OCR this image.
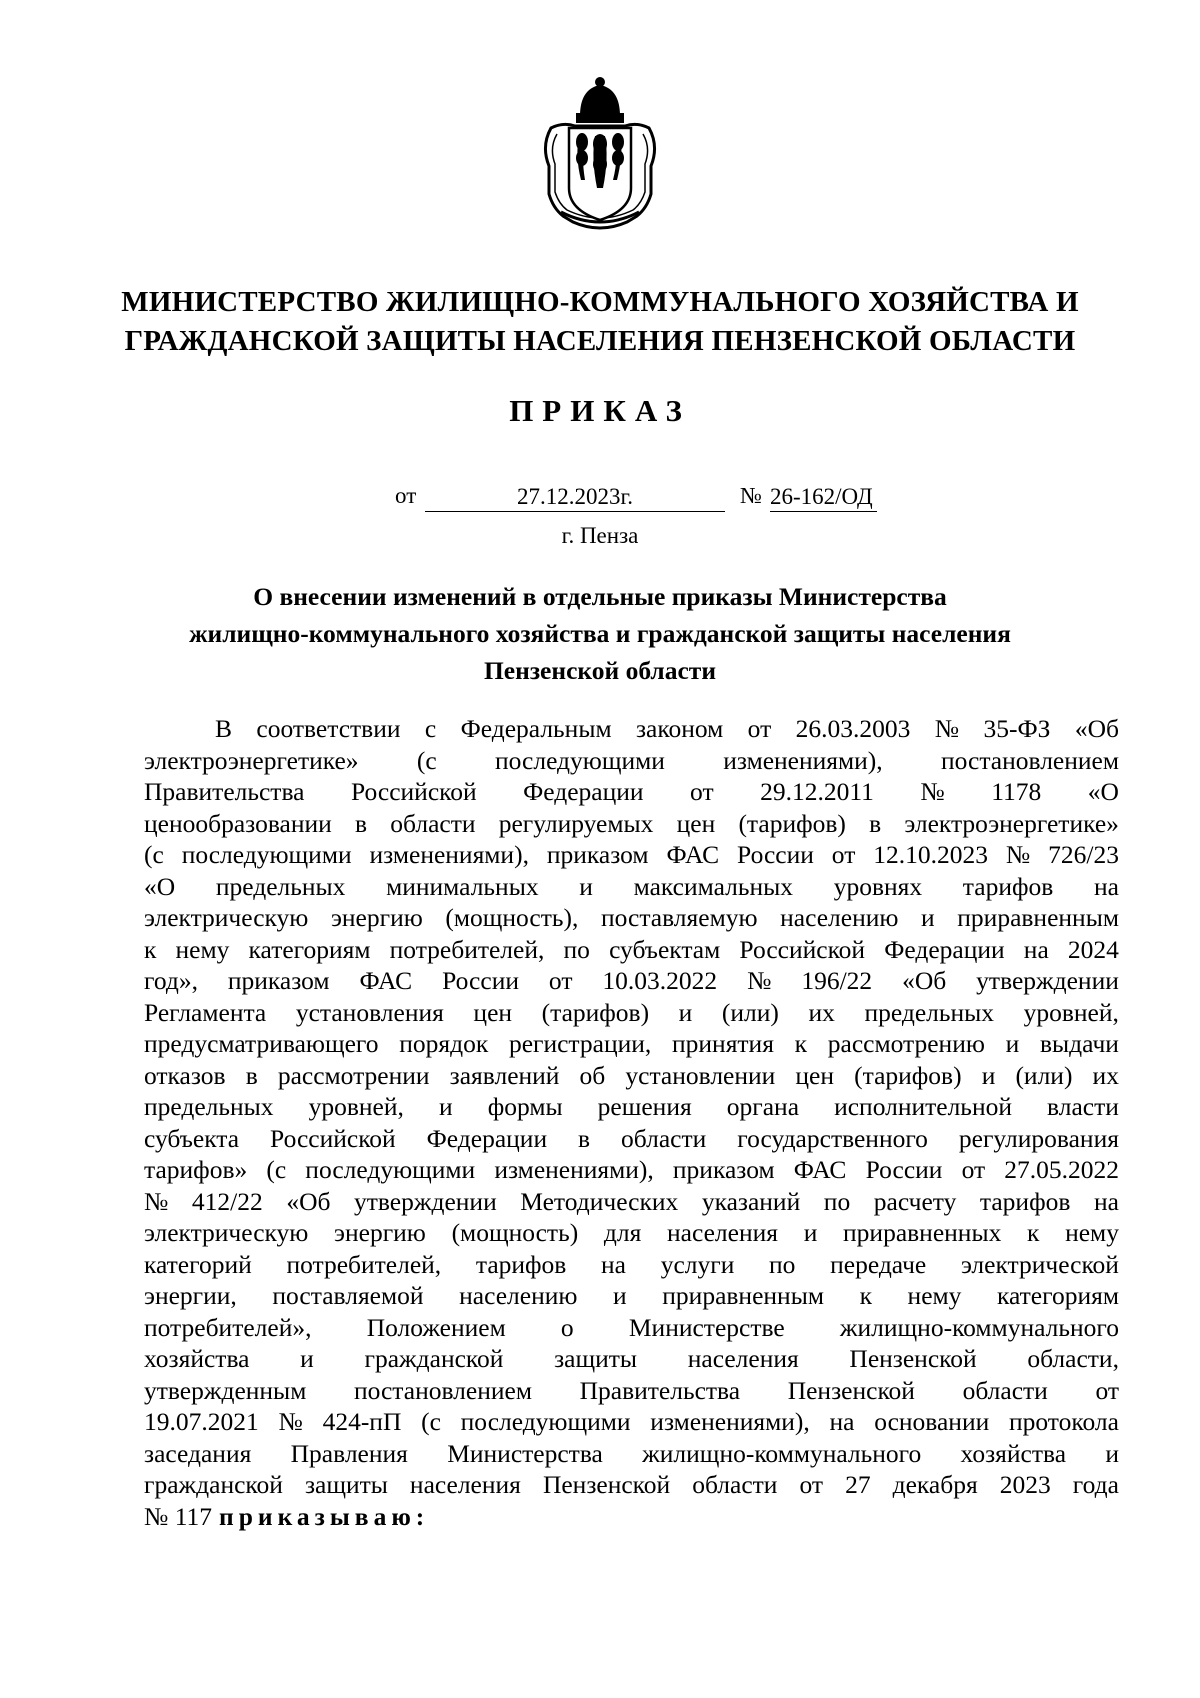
МИНИСТЕРСТВО ЖИЛИЩНО-КОММУНАЛЬНОГО ХОЗЯЙСТВА И
ГРАЖДАНСКОЙ ЗАЩИТЫ НАСЕЛЕНИЯ ПЕНЗЕНСКОЙ ОБЛАСТИ
ПРИКАЗ
от	27.12.2023г.	№ 26-162/ОД
г. Пенза
О внесении изменений в отдельные приказы Министерства
жилищно-коммунального хозяйства и гражданской защиты населения
Пензенской области
В соответствии с Федеральным законом от 26.03.2003 № 35-ФЗ «Об
электроэнергетике» (с последующими изменениями), постановлением
Правительства Российской Федерации от 29.12.2011 № 1178 «О
ценообразовании в области регулируемых цен (тарифов) в электроэнергетике»
(с последующими изменениями), приказом ФАС России от 12.10.2023 № 726/23
«О предельных минимальных и максимальных уровнях тарифов на
электрическую энергию (мощность), поставляемую населению и приравненным
к нему категориям потребителей, по субъектам Российской Федерации на 2024
год», приказом ФАС России от 10.03.2022 № 196/22 «Об утверждении
Регламента установления цен (тарифов) и (или) их предельных уровней,
предусматривающего порядок регистрации, принятия к рассмотрению и выдачи
отказов в рассмотрении заявлений об установлении цен (тарифов) и (или) их
предельных уровней, и формы решения органа исполнительной власти
субъекта Российской Федерации в области государственного регулирования
тарифов» (с последующими изменениями), приказом ФАС России от 27.05.2022
№ 412/22 «Об утверждении Методических указаний по расчету тарифов на
электрическую энергию (мощность) для населения и приравненных к нему
категорий потребителей, тарифов на услуги по передаче электрической
энергии, поставляемой населению и приравненным к нему категориям
потребителей», Положением о Министерстве жилищно-коммунального
хозяйства и гражданской защиты населения Пензенской области,
утвержденным постановлением Правительства Пензенской области от
19.07.2021 № 424-пП (с последующими изменениями), на основании протокола
заседания Правления Министерства жилищно-коммунального хозяйства и
гражданской защиты населения Пензенской области от 27 декабря 2023 года
№ 117 приказываю:
